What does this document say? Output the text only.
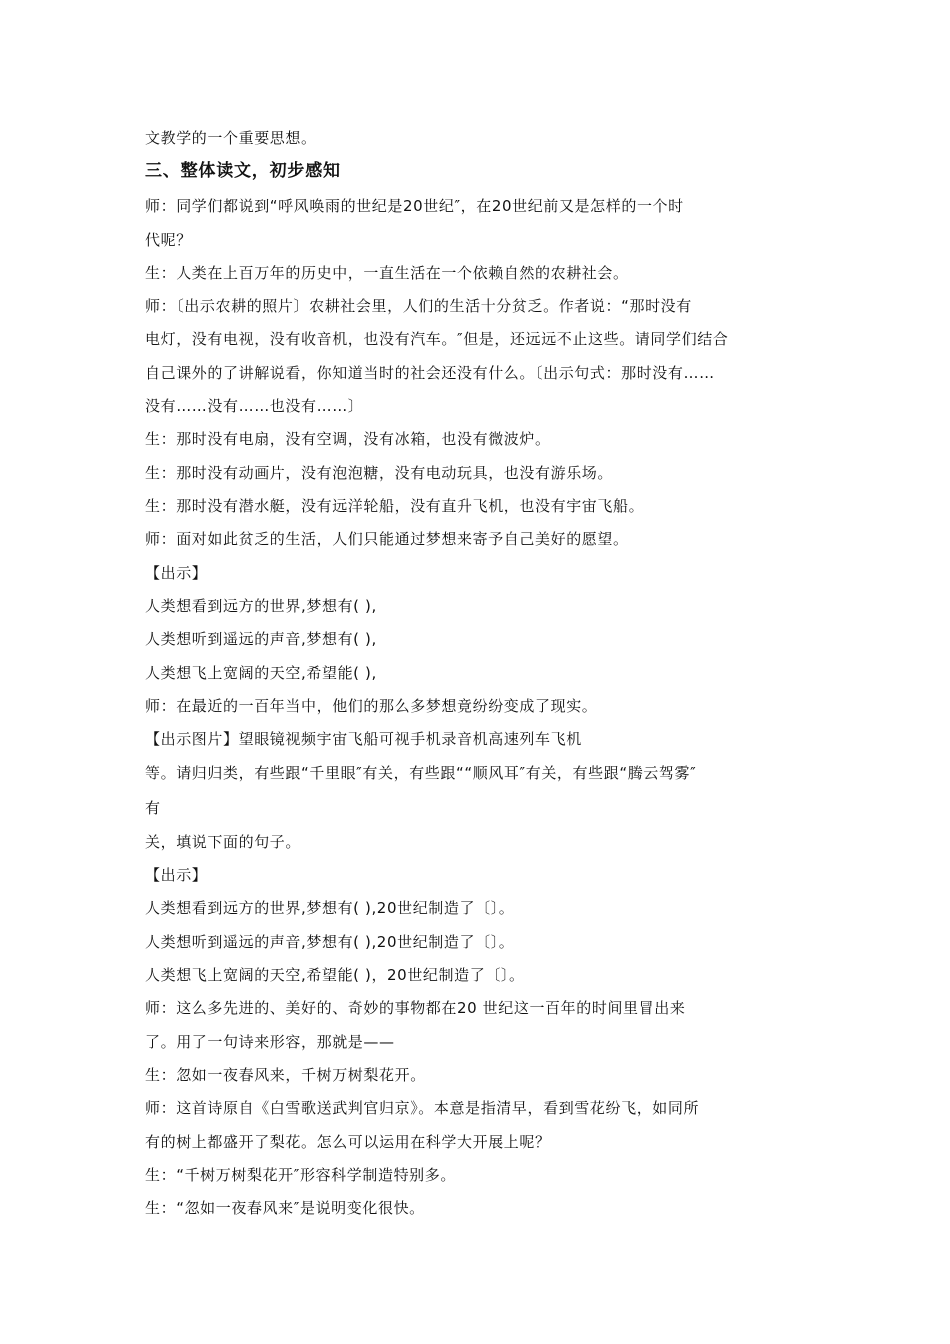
文教学的一个重要思想。
三、整体读文，初步感知
师：同学们都说到“呼风唤雨的世纪是20世纪″，在20世纪前又是怎样的一个时
代呢？
生：人类在上百万年的历史中，一直生活在一个依赖自然的农耕社会。
师：〔出示农耕的照片〕农耕社会里，人们的生活十分贫乏。作者说：“那时没有
电灯，没有电视，没有收音机，也没有汽车。″但是，还远远不止这些。请同学们结合
自己课外的了讲解说看，你知道当时的社会还没有什么。〔出示句式：那时没有……
没有……没有……也没有……〕
生：那时没有电扇，没有空调，没有冰箱，也没有微波炉。
生：那时没有动画片，没有泡泡糖，没有电动玩具，也没有游乐场。
生：那时没有潜水艇，没有远洋轮船，没有直升飞机，也没有宇宙飞船。
师：面对如此贫乏的生活，人们只能通过梦想来寄予自己美好的愿望。
【出示】
人类想看到远方的世界,梦想有( ),
人类想听到遥远的声音,梦想有( ),
人类想飞上宽阔的天空,希望能( ),
师：在最近的一百年当中，他们的那么多梦想竟纷纷变成了现实。
【出示图片】望眼镜视频宇宙飞船可视手机录音机高速列车飞机
等。请归归类，有些跟“千里眼″有关，有些跟““顺风耳″有关，有些跟“腾云驾雾″
有
关，填说下面的句子。
【出示】
人类想看到远方的世界,梦想有( ),20世纪制造了〔〕。
人类想听到遥远的声音,梦想有( ),20世纪制造了〔〕。
人类想飞上宽阔的天空,希望能( )，20世纪制造了〔〕。
师：这么多先进的、美好的、奇妙的事物都在20 世纪这一百年的时间里冒出来
了。用了一句诗来形容，那就是——
生：忽如一夜春风来，千树万树梨花开。
师：这首诗原自《白雪歌送武判官归京》。本意是指清早，看到雪花纷飞，如同所
有的树上都盛开了梨花。怎么可以运用在科学大开展上呢？
生：“千树万树梨花开″形容科学制造特别多。
生：“忽如一夜春风来″是说明变化很快。
